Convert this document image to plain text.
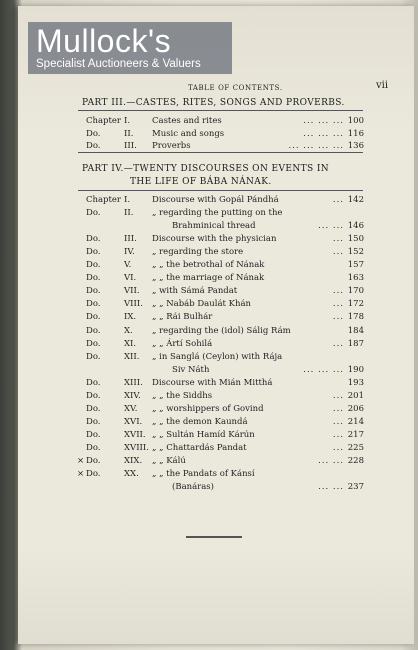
TABLE OF CONTENTS.	vii
PART III.—CASTES, RITES, SONGS AND PROVERBS.
Chapter I.	Castes and rites	... ... ... 100
Do.	II. Music and songs	... ... ... 116
Do.	III. Proverbs	... ... ... ... 136
PART IV.—TWENTY DISCOURSES ON EVENTS IN
THE LIFE OF BÁBA NÁNAK.
Chapter I.	Discourse with Gopál Pándhá	... 142
Do.	II. „ regarding the putting on the
Brahminical thread	... ... 146
Do.	III. Discourse with the physician	... 150
Do.	IV. „ regarding the store	... 152
Do.	V. „ „ the betrothal of Nának	157
Do.	VI. „ „ the marriage of Nának	163
Do.	VII. „ with Sámá Pandat	... 170
Do.	VIII. „ „ Nabáb Daulát Khán	... 172
Do.	IX. „ „ Rái Bulhár	... 178
Do.	X. „ regarding the (idol) Sálig Rám	184
Do.	XI. „ „ Ártí Sohilá	... 187
Do.	XII. „ in Sanglá (Ceylon) with Rája
Siv Náth	... ... ... 190
Do.	XIII. Discourse with Mián Mitthá	193
Do.	XIV. „ „ the Siddhs	... 201
Do.	XV. „ „ worshippers of Govind	... 206
Do.	XVI. „ „ the demon Kaundá	... 214
Do.	XVII. „ „ Sultán Hamíd Kárún	... 217
Do.	XVIII. „ „ Chattardás Pandat	... 225
Do.	XIX. „ „ Kálú	... ... 228
×
Do.	XX. „ „ the Pandats of Kánsí
×
(Banáras)	... ... 237
Mullock's
Specialist Auctioneers & Valuers
